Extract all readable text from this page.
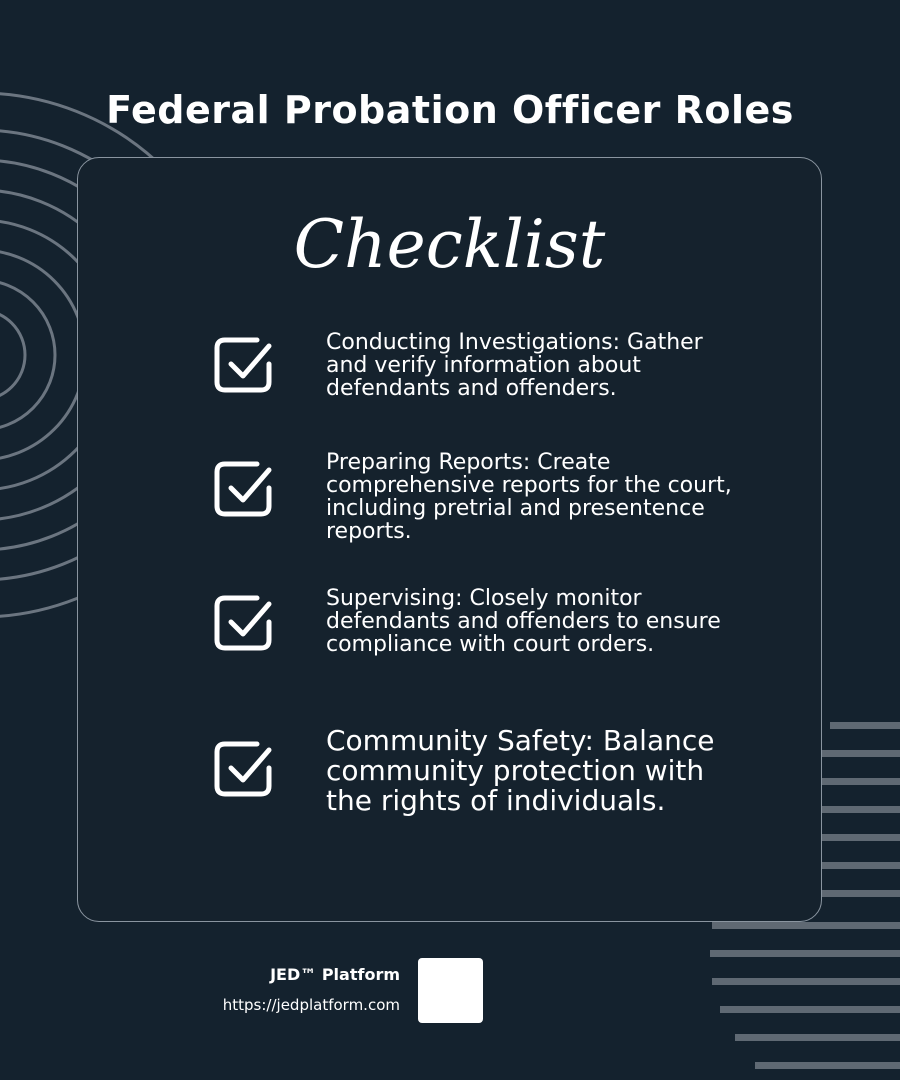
Federal Probation Officer Roles
Checklist
Conducting Investigations: Gather and verify information about defendants and offenders.
Preparing Reports: Create comprehensive reports for the court, including pretrial and presentence reports.
Supervising: Closely monitor defendants and offenders to ensure compliance with court orders.
Community Safety: Balance community protection with the rights of individuals.
JED™ Platform
https://jedplatform.com
